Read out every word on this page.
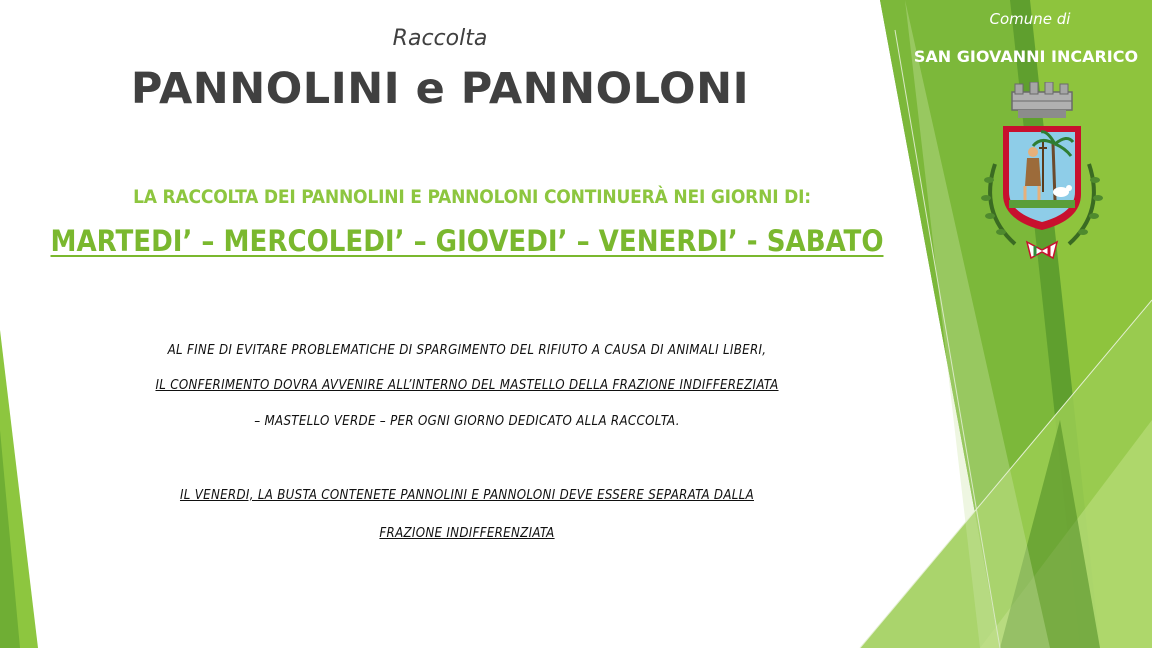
Raccolta
PANNOLINI e PANNOLONI
LA RACCOLTA DEI PANNOLINI E PANNOLONI CONTINUERÀ NEI GIORNI DI:
MARTEDI’ – MERCOLEDI’ – GIOVEDI’ – VENERDI’ - SABATO
AL FINE DI EVITARE PROBLEMATICHE DI SPARGIMENTO DEL RIFIUTO A CAUSA DI ANIMALI LIBERI,
IL CONFERIMENTO DOVRA AVVENIRE ALL’INTERNO DEL MASTELLO DELLA FRAZIONE INDIFFEREZIATA
– MASTELLO VERDE – PER OGNI GIORNO DEDICATO ALLA RACCOLTA.
IL VENERDI, LA BUSTA CONTENETE PANNOLINI E PANNOLONI DEVE ESSERE SEPARATA DALLA
FRAZIONE INDIFFERENZIATA
Comune di
SAN GIOVANNI INCARICO
